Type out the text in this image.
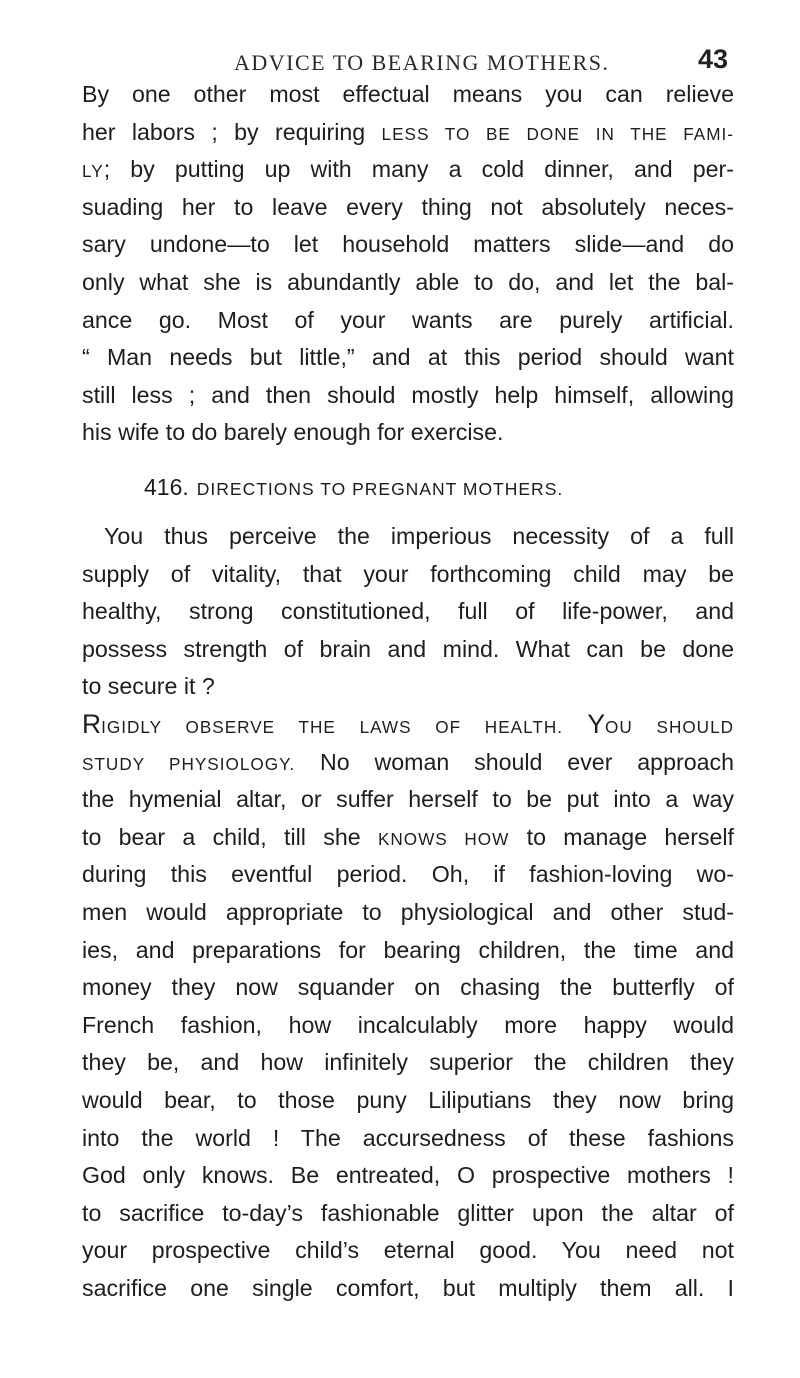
ADVICE TO BEARING MOTHERS.	43
By one other most effectual means you can relieve
her labors ; by requiring LESS TO BE DONE IN THE FAMI-
LY; by putting up with many a cold dinner, and per-
suading her to leave every thing not absolutely neces-
sary undone—to let household matters slide—and do
only what she is abundantly able to do, and let the bal-
ance go. Most of your wants are purely artificial.
“ Man needs but little,” and at this period should want
still less ; and then should mostly help himself, allowing
his wife to do barely enough for exercise.
416. DIRECTIONS TO PREGNANT MOTHERS.
You thus perceive the imperious necessity of a full
supply of vitality, that your forthcoming child may be
healthy, strong constitutioned, full of life-power, and
possess strength of brain and mind. What can be done
to secure it ?
RIGIDLY OBSERVE THE LAWS OF HEALTH. YOU SHOULD
STUDY PHYSIOLOGY. No woman should ever approach
the hymenial altar, or suffer herself to be put into a way
to bear a child, till she KNOWS HOW to manage herself
during this eventful period. Oh, if fashion-loving wo-
men would appropriate to physiological and other stud-
ies, and preparations for bearing children, the time and
money they now squander on chasing the butterfly of
French fashion, how incalculably more happy would
they be, and how infinitely superior the children they
would bear, to those puny Liliputians they now bring
into the world ! The accursedness of these fashions
God only knows. Be entreated, O prospective mothers !
to sacrifice to-day’s fashionable glitter upon the altar of
your prospective child’s eternal good. You need not
sacrifice one single comfort, but multiply them all. I
